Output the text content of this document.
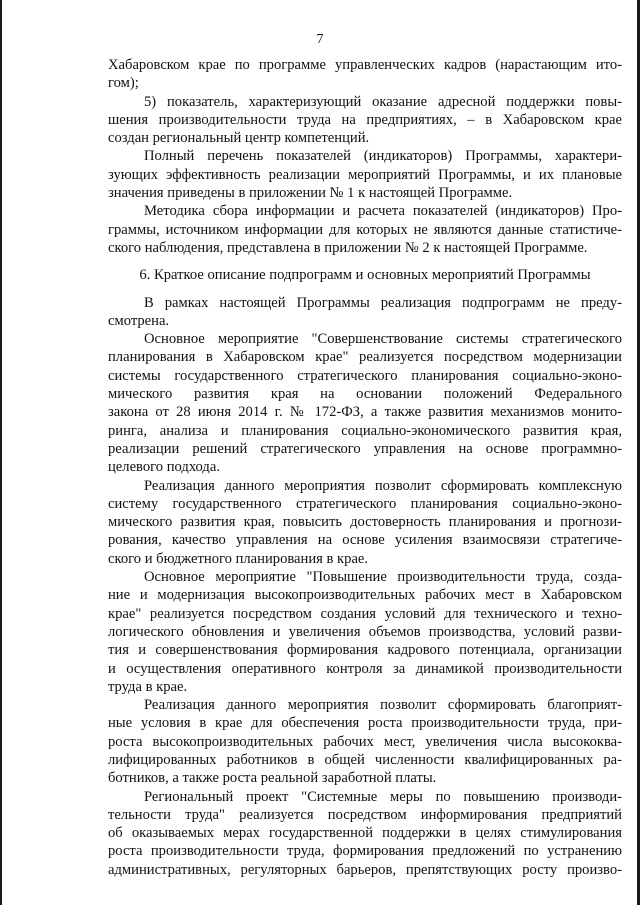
7
Хабаровском крае по программе управленческих кадров (нарастающим ито-
гом);
5) показатель, характеризующий оказание адресной поддержки повы-
шения производительности труда на предприятиях, – в Хабаровском крае
создан региональный центр компетенций.
Полный перечень показателей (индикаторов) Программы, характери-
зующих эффективность реализации мероприятий Программы, и их плановые
значения приведены в приложении № 1 к настоящей Программе.
Методика сбора информации и расчета показателей (индикаторов) Про-
граммы, источником информации для которых не являются данные статистиче-
ского наблюдения, представлена в приложении № 2 к настоящей Программе.
6. Краткое описание подпрограмм и основных мероприятий Программы
В рамках настоящей Программы реализация подпрограмм не преду-
смотрена.
Основное мероприятие "Совершенствование системы стратегического
планирования в Хабаровском крае" реализуется посредством модернизации
системы государственного стратегического планирования социально-эконо-
мического развития края на основании положений Федерального
закона от 28 июня 2014 г. № 172-ФЗ, а также развития механизмов монито-
ринга, анализа и планирования социально-экономического развития края,
реализации решений стратегического управления на основе программно-
целевого подхода.
Реализация данного мероприятия позволит сформировать комплексную
систему государственного стратегического планирования социально-эконо-
мического развития края, повысить достоверность планирования и прогнози-
рования, качество управления на основе усиления взаимосвязи стратегиче-
ского и бюджетного планирования в крае.
Основное мероприятие "Повышение производительности труда, созда-
ние и модернизация высокопроизводительных рабочих мест в Хабаровском
крае" реализуется посредством создания условий для технического и техно-
логического обновления и увеличения объемов производства, условий разви-
тия и совершенствования формирования кадрового потенциала, организации
и осуществления оперативного контроля за динамикой производительности
труда в крае.
Реализация данного мероприятия позволит сформировать благоприят-
ные условия в крае для обеспечения роста производительности труда, при-
роста высокопроизводительных рабочих мест, увеличения числа высококва-
лифицированных работников в общей численности квалифицированных ра-
ботников, а также роста реальной заработной платы.
Региональный проект "Системные меры по повышению производи-
тельности труда" реализуется посредством информирования предприятий
об оказываемых мерах государственной поддержки в целях стимулирования
роста производительности труда, формирования предложений по устранению
административных, регуляторных барьеров, препятствующих росту произво-
